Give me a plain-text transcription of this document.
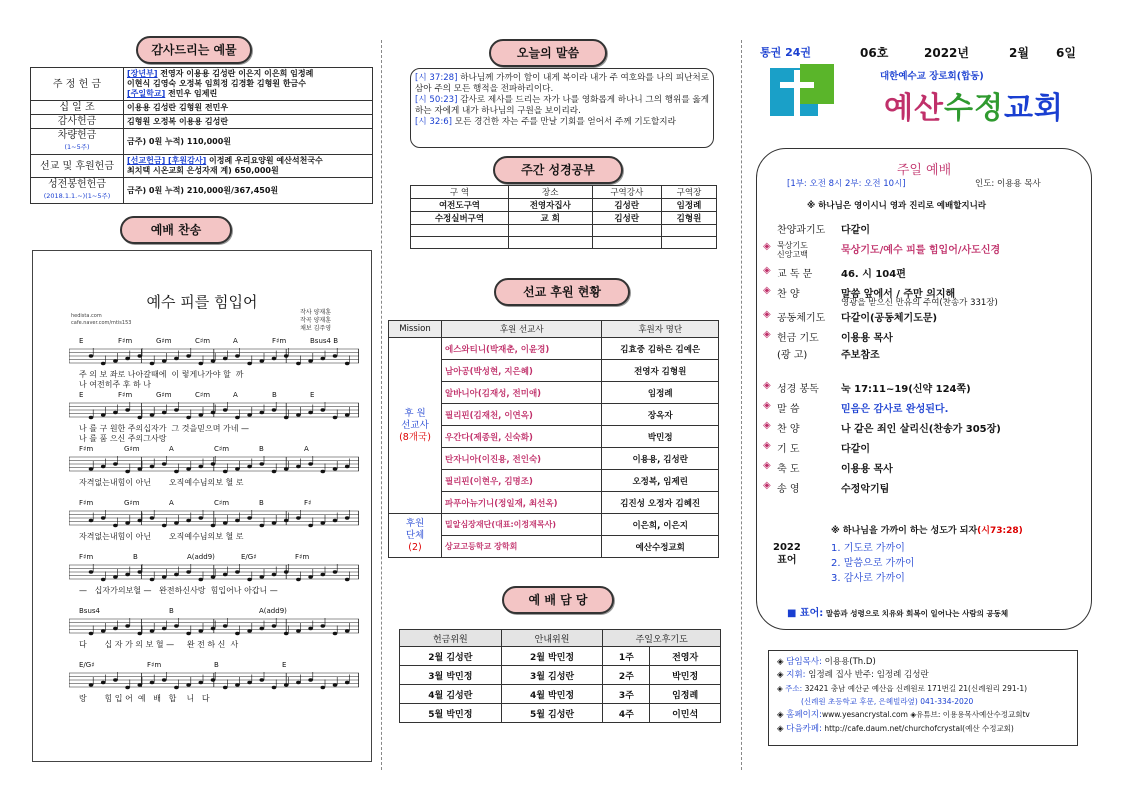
감사드리는 예물
주 정 헌 금	[장년부] 전영자 이용용 김성란 이은지 이은희 임정례
이현식 김영숙 오정복 임희정 김경환 김형원 한금수
[주일학교] 전민우 임제린

십 일 조	이용용 김성란 김형원 전민우

감사헌금	김형원 오정복 이용용 김성란

차량헌금
(1~5주)	금주) 0원 누적) 110,000원

선교 및 후원헌금	[선교헌금] [후원감사] 이정례 우리요양원 예산석천국수
최치택 시온교회 은성자재 계) 650,000원

성전봉헌헌금
(2018.1.1.~)(1~5주)	금주) 0원 누적) 210,000원/367,450원
예배 찬송
예수 피를 힘입어
hedista.com
cafe.naver.com/mtis153
작사 양재훈
작곡 양재훈
채보 김주영
E	F♯m	G♯m	C♯m	A	F♯m	Bsus4 B
주 의 보 좌로 나아갈때에  이 렇게나가야 할  까
나 여전히주 후 하 나
E	F♯m	G♯m	C♯m	A	B	E
나 를 구 원한 주의십자가  그 것을믿으며 가네 —
나 를 품 으신 주의그사랑
F♯m	G♯m	A	C♯m	B	A
자격없는내힘이 아닌       오직예수님의보 혈 로
F♯m	G♯m	A	C♯m	B	F♯
자격없는내힘이 아닌       오직예수님의보 혈 로
F♯m	B	A(add9)	E/G♯	F♯m
—   십자가의보혈 —   완전하신사랑  힘입어나 아갑니 —
Bsus4	B	A(add9)
다       십 자 가 의 보 혈 —     완 전 하 신  사
E/G♯	F♯m	B	E
랑       힘 입 어  예   배   합    니   다
오늘의 말씀
[시 37:28] 하나님께 가까이 함이 내게 복이라 내가 주 여호와를 나의 피난처로 삼아 주의 모든 행적을 전파하리이다.
[시 50:23] 감사로 제사를 드리는 자가 나를 영화롭게 하나니 그의 행위를 옳게 하는 자에게 내가 하나님의 구원을 보이리라.
[시 32:6] 모든 경건한 자는 주를 만날 기회를 얻어서 주께 기도할지라
주간 성경공부
구 역	장소	구역강사	구역장
여전도구역	전영자집사	김성란	임정례
수정실버구역	교 회	김성란	김형원

선교 후원 현황
Mission	후원 선교사	후원자 명단

후 원
선교사
(8개국)	에스와티니(박재춘, 이윤경)	김효중 김하은 김예은
	남아공(박성현, 지은혜)	전영자 김형원
	알바니아(김재성, 전미애)	임정례
	필리핀(김재천, 이연옥)	장옥자
	우간다(제종원, 신숙화)	박민정
	탄자니아(이진용, 전인숙)	이용용, 김성란
	필리핀(이현우, 김명조)	오정복, 임제린
	파푸아뉴기니(정일재, 최선옥)	김진성 오정자 김혜진

후원
단체
(2)	밀알심장재단(대표:이정재목사)	이은희, 이은지
	상교고등학교 장학회	예산수정교회
예 배 담 당
헌금위원	안내위원	주일오후기도	
2월 김성란	2월 박민정	1주	전영자
3월 박민정	3월 김성란	2주	박민정
4월 김성란	4월 박민정	3주	임정례
5월 박민정	5월 김성란	4주	이민석
통권 24권	06호	2022년	2월 6일
대한예수교 장로회(합동)
예산수정교회
주일 예배
[1부: 오전 8시 2부: 오전 10시]	인도: 이용용 목사
※ 하나님은 영이시니 영과 진리로 예배할지니라
찬양과기도	다같이
◈ 묵상기도
신앙고백	묵상기도/예수 피를 힘입어/사도신경
◈ 교 독 문	46. 시 104편
◈ 찬 양	말씀 앞에서 / 주만 의지해
영광을 받으신 만유의 주여(찬송가 331장)
◈ 공동체기도	다같이(공동체기도문)
◈ 헌금 기도	이용용 목사
(광 고)	주보참조
◈ 성경 봉독	눅 17:11~19(신약 124쪽)
◈ 말 씀	믿음은 감사로 완성된다.
◈ 찬 양	나 같은 죄인 살리신(찬송가 305장)
◈ 기 도	다같이
◈ 축 도	이용용 목사
◈ 송 영	수정악기팀
※ 하나님을 가까이 하는 성도가 되자(시73:28)
2022
표어
1. 기도로 가까이
2. 말씀으로 가까이
3. 감사로 가까이
■ 표어: 말씀과 성령으로 치유와 회복이 일어나는 사람의 공동체
◈ 담임목사: 이용용(Th.D)
◈ 지휘: 임정례 집사 반주: 임정례 김성란
◈ 주소: 32421 충남 예산군 예산읍 신례원로 171번길 21(신례원리 291-1)
(신례원 초등학교 후문, 은혜빌라옆) 041-334-2020
◈ 홈페이지:www.yesancrystal.com ◈유튜브: 이용용목사예산수정교회tv
◈ 다음카페: http://cafe.daum.net/churchofcrystal(예산 수정교회)
